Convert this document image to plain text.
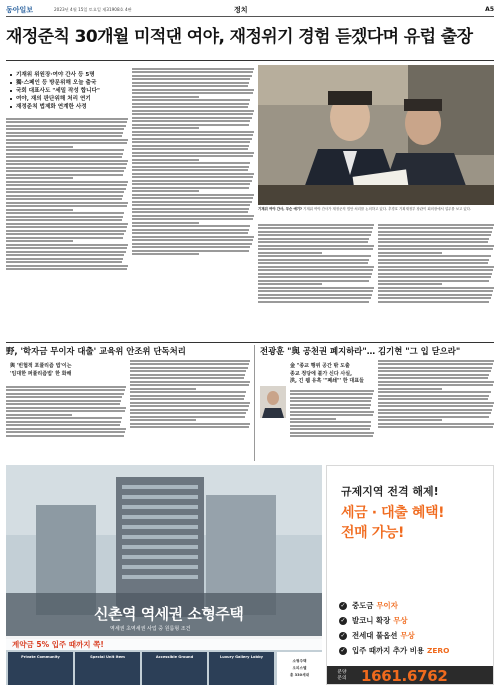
동아일보	2023년 4월 15일 토요일 제31908호 4판	정치	A5
재정준칙 30개월 미적댄 여야, 재정위기 경험 듣겠다며 유럽 출장
기재위 위원장·여야 간사 등 5명
獨·스페인 등 방문위해 오늘 출국
국회 대표사도 "세밀 작성 합니다"
여야, 재의 판단위해 처리 연기
재정준칙 법제화 연계한 사정
기재위 여야 간사, 무슨 얘기? 기재위 여야 간사가 재정준칙 법안 처리를 논의하고 있다. 추경호 기획재정부 장관이 회의장에서 업무를 보고 있다.
野, '학자금 무이자 대출' 교육위 안조위 단독처리
與 '빈협적 포퓰리즘 법'이는
'임대한 퍼퓰리즘법' 한 화해
전광훈 "與 공천권 폐지하라"… 김기현 "그 입 닫으라"
金 "종교 행위 공간 밖 도출
종교 정당에 불가 신다 사실,
洪, 긴 웹 유혹 '"폐쇄"' 한 대표들
신촌역 역세권 소형주택
역세권 초역세권 사업 중 원룸형 조건
계약금 5% 입주 때까지 쪽!
Private Community	Special Unit Item	Accessible Ground	Luxury Gallery Lobby
소형주택
오피스텔
총 330세대
규제지역 전격 해제!
세금 · 대출 혜택!
전매 가능!
✓ 중도금 무이자
✓ 발코니 확장 무상
✓ 전세대 풀옵션 무상
✓ 입주 때까지 추가 비용 ZERO
분양 문의 1661.6762
